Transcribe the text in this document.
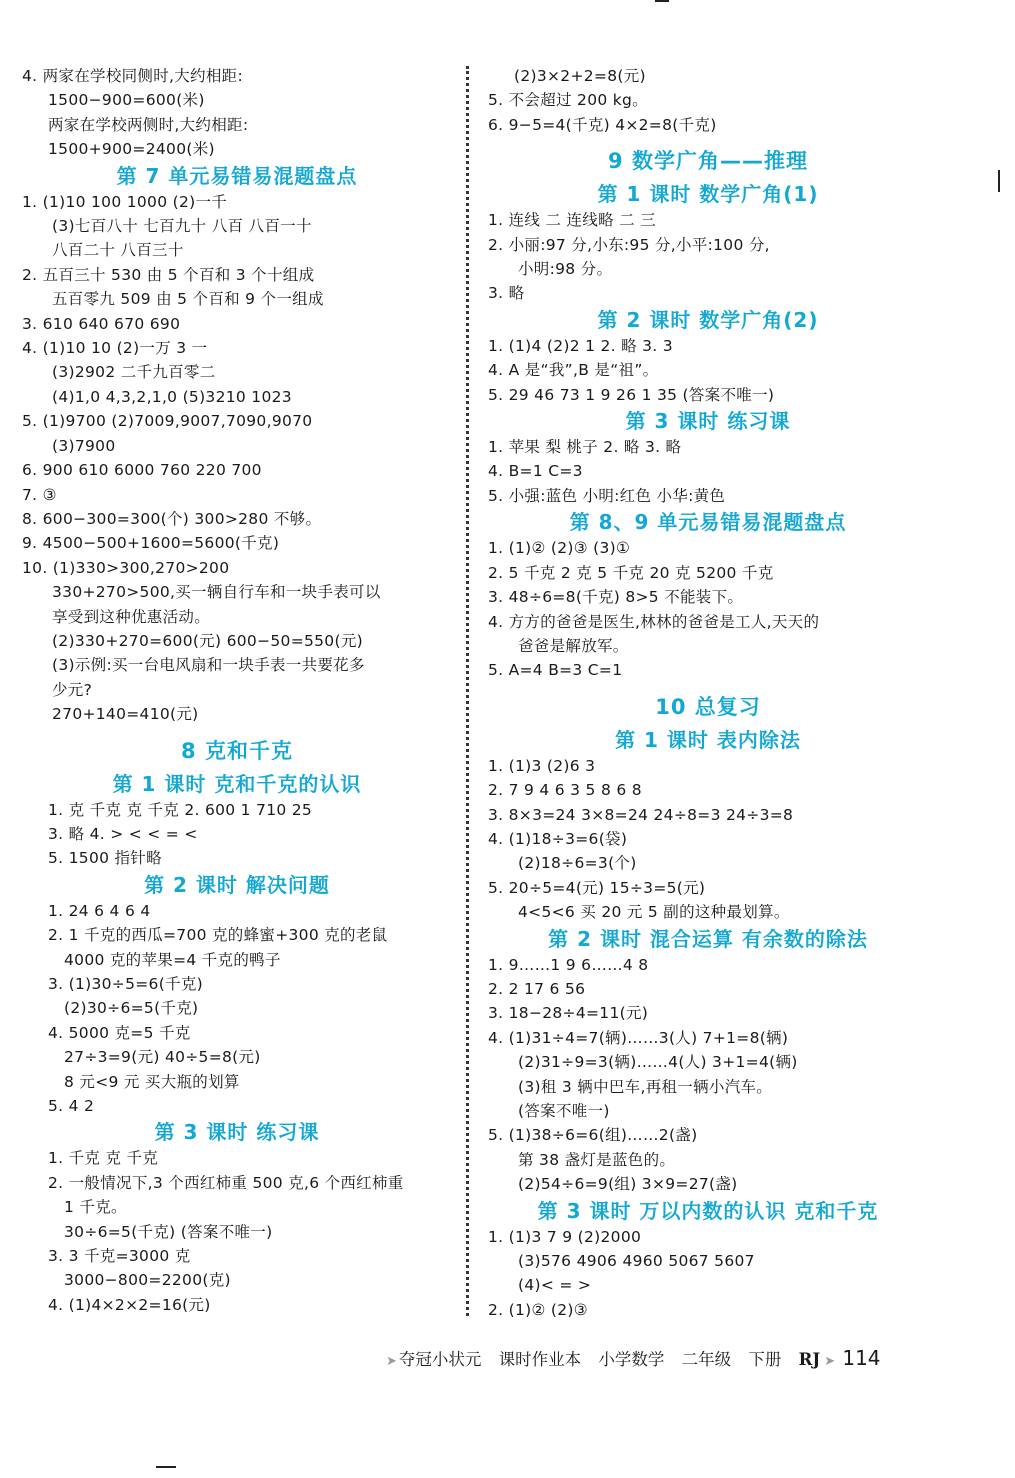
4. 两家在学校同侧时,大约相距:
1500−900=600(米)
两家在学校两侧时,大约相距:
1500+900=2400(米)
第 7 单元易错易混题盘点
1. (1)10 100 1000 (2)一千
(3)七百八十 七百九十 八百 八百一十
八百二十 八百三十
2. 五百三十 530 由 5 个百和 3 个十组成
五百零九 509 由 5 个百和 9 个一组成
3. 610 640 670 690
4. (1)10 10 (2)一万 3 一
(3)2902 二千九百零二
(4)1,0 4,3,2,1,0 (5)3210 1023
5. (1)9700 (2)7009,9007,7090,9070
(3)7900
6. 900 610 6000 760 220 700
7. ③
8. 600−300=300(个) 300>280 不够。
9. 4500−500+1600=5600(千克)
10. (1)330>300,270>200
330+270>500,买一辆自行车和一块手表可以
享受到这种优惠活动。
(2)330+270=600(元) 600−50=550(元)
(3)示例:买一台电风扇和一块手表一共要花多
少元?
270+140=410(元)
8 克和千克
第 1 课时 克和千克的认识
1. 克 千克 克 千克 2. 600 1 710 25
3. 略 4. > < < = <
5. 1500 指针略
第 2 课时 解决问题
1. 24 6 4 6 4
2. 1 千克的西瓜=700 克的蜂蜜+300 克的老鼠
4000 克的苹果=4 千克的鸭子
3. (1)30÷5=6(千克)
(2)30÷6=5(千克)
4. 5000 克=5 千克
27÷3=9(元) 40÷5=8(元)
8 元<9 元 买大瓶的划算
5. 4 2
第 3 课时 练习课
1. 千克 克 千克
2. 一般情况下,3 个西红柿重 500 克,6 个西红柿重
1 千克。
30÷6=5(千克) (答案不唯一)
3. 3 千克=3000 克
3000−800=2200(克)
4. (1)4×2×2=16(元)
(2)3×2+2=8(元)
5. 不会超过 200 kg。
6. 9−5=4(千克) 4×2=8(千克)
9 数学广角——推理
第 1 课时 数学广角(1)
1. 连线 二 连线略 二 三
2. 小丽:97 分,小东:95 分,小平:100 分,
小明:98 分。
3. 略
第 2 课时 数学广角(2)
1. (1)4 (2)2 1 2. 略 3. 3
4. A 是“我”,B 是“祖”。
5. 29 46 73 1 9 26 1 35 (答案不唯一)
第 3 课时 练习课
1. 苹果 梨 桃子 2. 略 3. 略
4. B=1 C=3
5. 小强:蓝色 小明:红色 小华:黄色
第 8、9 单元易错易混题盘点
1. (1)② (2)③ (3)①
2. 5 千克 2 克 5 千克 20 克 5200 千克
3. 48÷6=8(千克) 8>5 不能装下。
4. 方方的爸爸是医生,林林的爸爸是工人,天天的
爸爸是解放军。
5. A=4 B=3 C=1
10 总复习
第 1 课时 表内除法
1. (1)3 (2)6 3
2. 7 9 4 6 3 5 8 6 8
3. 8×3=24 3×8=24 24÷8=3 24÷3=8
4. (1)18÷3=6(袋)
(2)18÷6=3(个)
5. 20÷5=4(元) 15÷3=5(元)
4<5<6 买 20 元 5 副的这种最划算。
第 2 课时 混合运算 有余数的除法
1. 9……1 9 6……4 8
2. 2 17 6 56
3. 18−28÷4=11(元)
4. (1)31÷4=7(辆)……3(人) 7+1=8(辆)
(2)31÷9=3(辆)……4(人) 3+1=4(辆)
(3)租 3 辆中巴车,再租一辆小汽车。
(答案不唯一)
5. (1)38÷6=6(组)……2(盏)
第 38 盏灯是蓝色的。
(2)54÷6=9(组) 3×9=27(盏)
第 3 课时 万以内数的认识 克和千克
1. (1)3 7 9 (2)2000
(3)576 4906 4960 5067 5607
(4)< = >
2. (1)② (2)③
➤ 夺冠小状元 课时作业本 小学数学 二年级 下册 RJ ➤ 114
